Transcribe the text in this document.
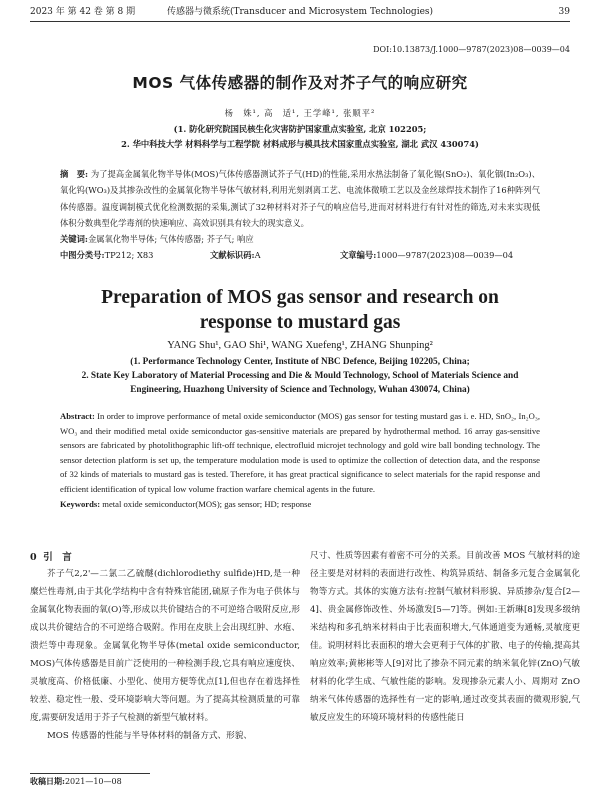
2023 年 第 42 卷 第 8 期	传感器与微系统(Transducer and Microsystem Technologies)	39
DOI:10.13873/J.1000—9787(2023)08—0039—04
MOS 气体传感器的制作及对芥子气的响应研究
杨　姝¹, 高　适¹, 王学峰¹, 张顺平²
(1. 防化研究院国民核生化灾害防护国家重点实验室, 北京 102205;
2. 华中科技大学 材料科学与工程学院 材料成形与模具技术国家重点实验室, 湖北 武汉 430074)

摘　要: 为了提高金属氧化物半导体(MOS)气体传感器测试芥子气(HD)的性能,采用水热法制备了氧化锡(SnO₂)、氧化铟(In₂O₃)、氧化钨(WO₃)及其掺杂改性的金属氧化物半导体气敏材料,利用光刻剥离工艺、电流体微喷工艺以及金丝球焊技术制作了16种阵列气体传感器。温度调制模式优化检测数据的采集,测试了32种材料对芥子气的响应信号,进而对材料进行有针对性的筛选,对未来实现低体积分数典型化学毒剂的快速响应、高效识别具有较大的现实意义。

关键词:金属氧化物半导体; 气体传感器; 芥子气; 响应

中图分类号:TP212; X83	文献标识码:A	文章编号:1000—9787(2023)08—0039—04
Preparation of MOS gas sensor and research on
response to mustard gas
YANG Shu¹, GAO Shi¹, WANG Xuefeng¹, ZHANG Shunping²
(1. Performance Technology Center, Institute of NBC Defence, Beijing 102205, China;
2. State Key Laboratory of Material Processing and Die & Mould Technology, School of Materials Science and
Engineering, Huazhong University of Science and Technology, Wuhan 430074, China)

Abstract: In order to improve performance of metal oxide semiconductor (MOS) gas sensor for testing mustard gas i. e. HD, SnO₂, In₂O₃, WO₃ and their modified metal oxide semiconductor gas-sensitive materials are prepared by hydrothermal method. 16 array gas-sensitive sensors are fabricated by photolithographic lift-off technique, electrofluid microjet technology and gold wire ball bonding technology. The sensor detection platform is set up, the temperature modulation mode is used to optimize the collection of detection data, and the response of 32 kinds of materials to mustard gas is tested. Therefore, it has great practical significance to select materials for the rapid response and efficient identification of typical low volume fraction warfare chemical agents in the future.

Keywords: metal oxide semiconductor(MOS); gas sensor; HD; response

0 引　言

芥子气2,2'—二氯二乙硫醚(dichlorodiethy sulfide)HD,是一种糜烂性毒剂,由于其化学结构中含有特殊官能团,硫原子作为电子供体与金属氧化物表面的氧(O)等,形成以共价键结合的不可逆络合吸附反应,形成以共价键结合的不可逆络合吸附。作用在皮肤上会出现红肿、水疱、溃烂等中毒现象。金属氧化物半导体(metal oxide semiconductor, MOS)气体传感器是目前广泛使用的一种检测手段,它具有响应速度快、灵敏度高、价格低廉、小型化、使用方便等优点[1],但也存在着选择性较差、稳定性一般、受环境影响大等问题。为了提高其检测质量的可靠度,需要研发适用于芥子气检测的新型气敏材料。

MOS 传感器的性能与半导体材料的制备方式、形貌、

尺寸、性质等因素有着密不可分的关系。目前改善 MOS 气敏材料的途径主要是对材料的表面进行改性、构筑异质结、制备多元复合金属氧化物等方式。其体的实施方法有:控制气敏材料形貌、异质掺杂/复合[2—4]、贵金属修饰改性、外场激发[5—7]等。例如:王新琳[8]发现多级纳米结构和多孔纳米材料由于比表面积增大,气体通道变为通畅,灵敏度更佳。说明材料比表面积的增大会更利于气体的扩散、电子的传输,提高其响应效率;黄彬彬等人[9]对比了掺杂不同元素的纳米氧化锌(ZnO)气敏材料的化学生成、气敏性能的影响。发现掺杂元素人小、周期对 ZnO 纳米气体传感器的选择性有一定的影响,通过改变其表面的微观形貌,气敏反应发生的环境环境材料的传感性能日

收稿日期:2021—10—08
